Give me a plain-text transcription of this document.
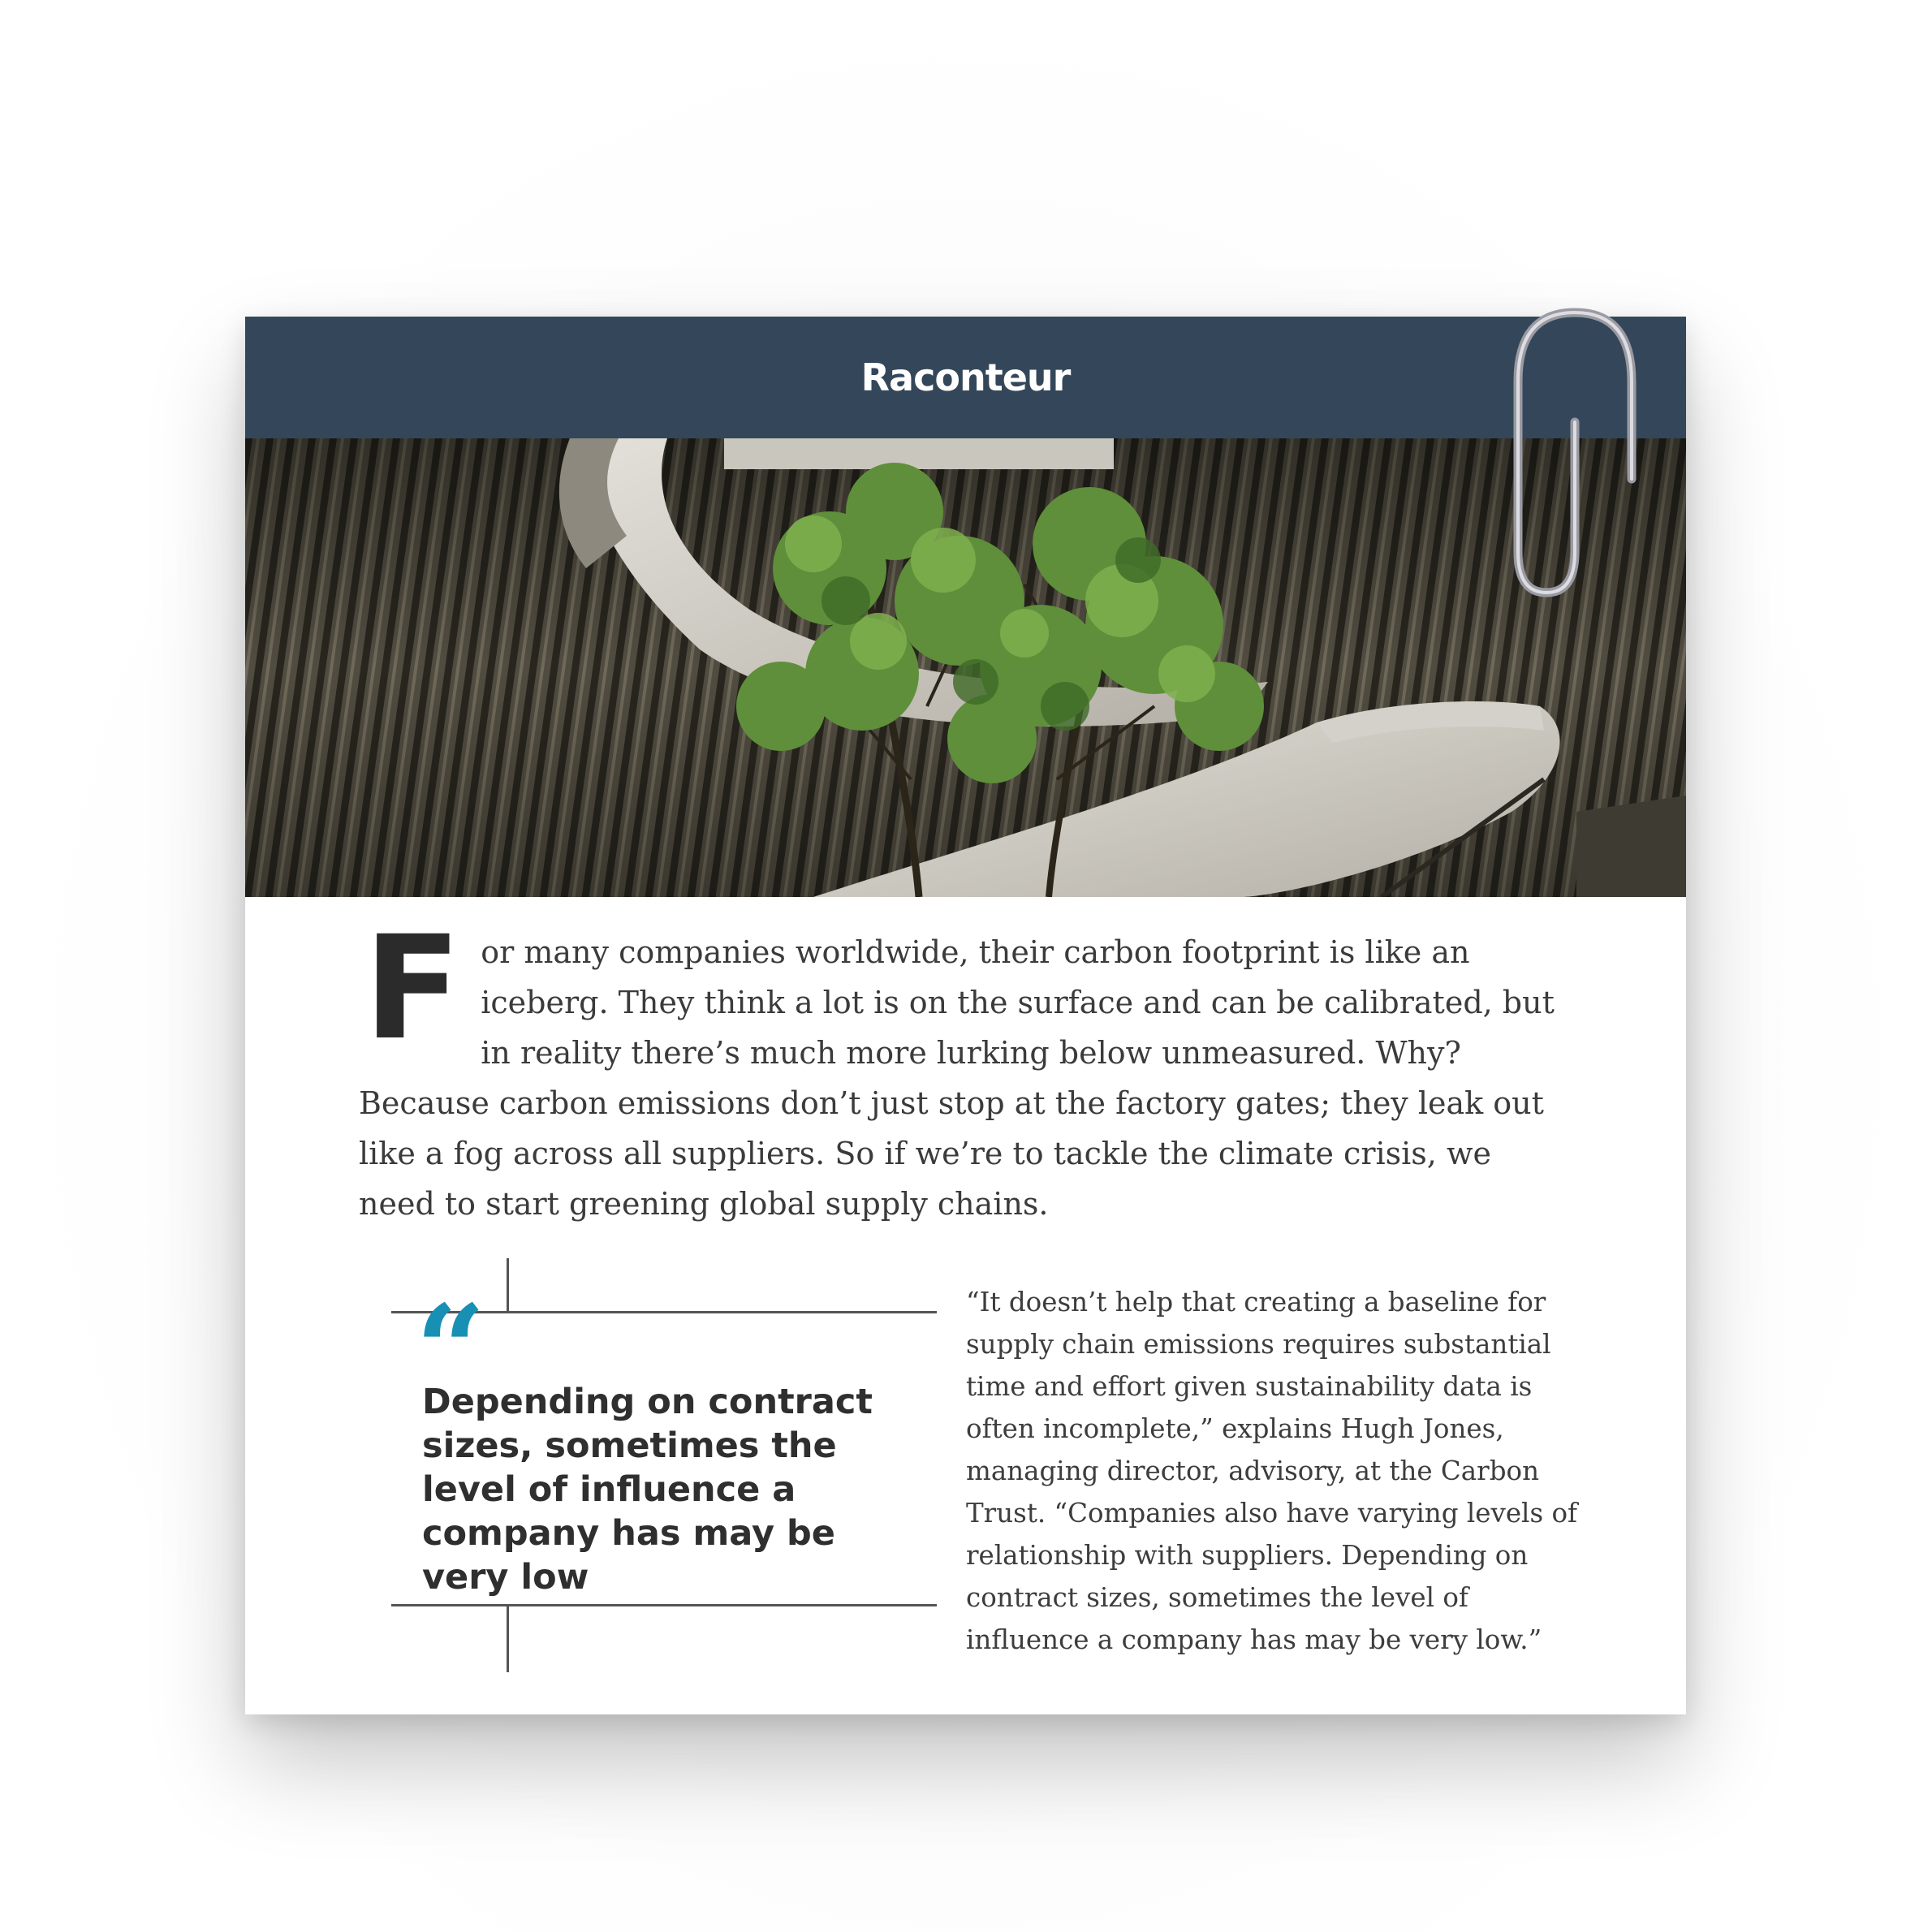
Raconteur
F or many companies worldwide, their carbon footprint is like an iceberg. They think a lot is on the surface and can be calibrated, but in reality there’s much more lurking below unmeasured. Why? Because carbon emissions don’t just stop at the factory gates; they leak out like a fog across all suppliers. So if we’re to tackle the climate crisis, we need to start greening global supply chains.
“
Depending on contract sizes, sometimes the level of influence a company has may be very low
“It doesn’t help that creating a baseline for supply chain emissions requires substantial time and effort given sustainability data is often incomplete,” explains Hugh Jones, managing director, advisory, at the Carbon Trust. “Companies also have varying levels of relationship with suppliers. Depending on contract sizes, sometimes the level of influence a company has may be very low.”
